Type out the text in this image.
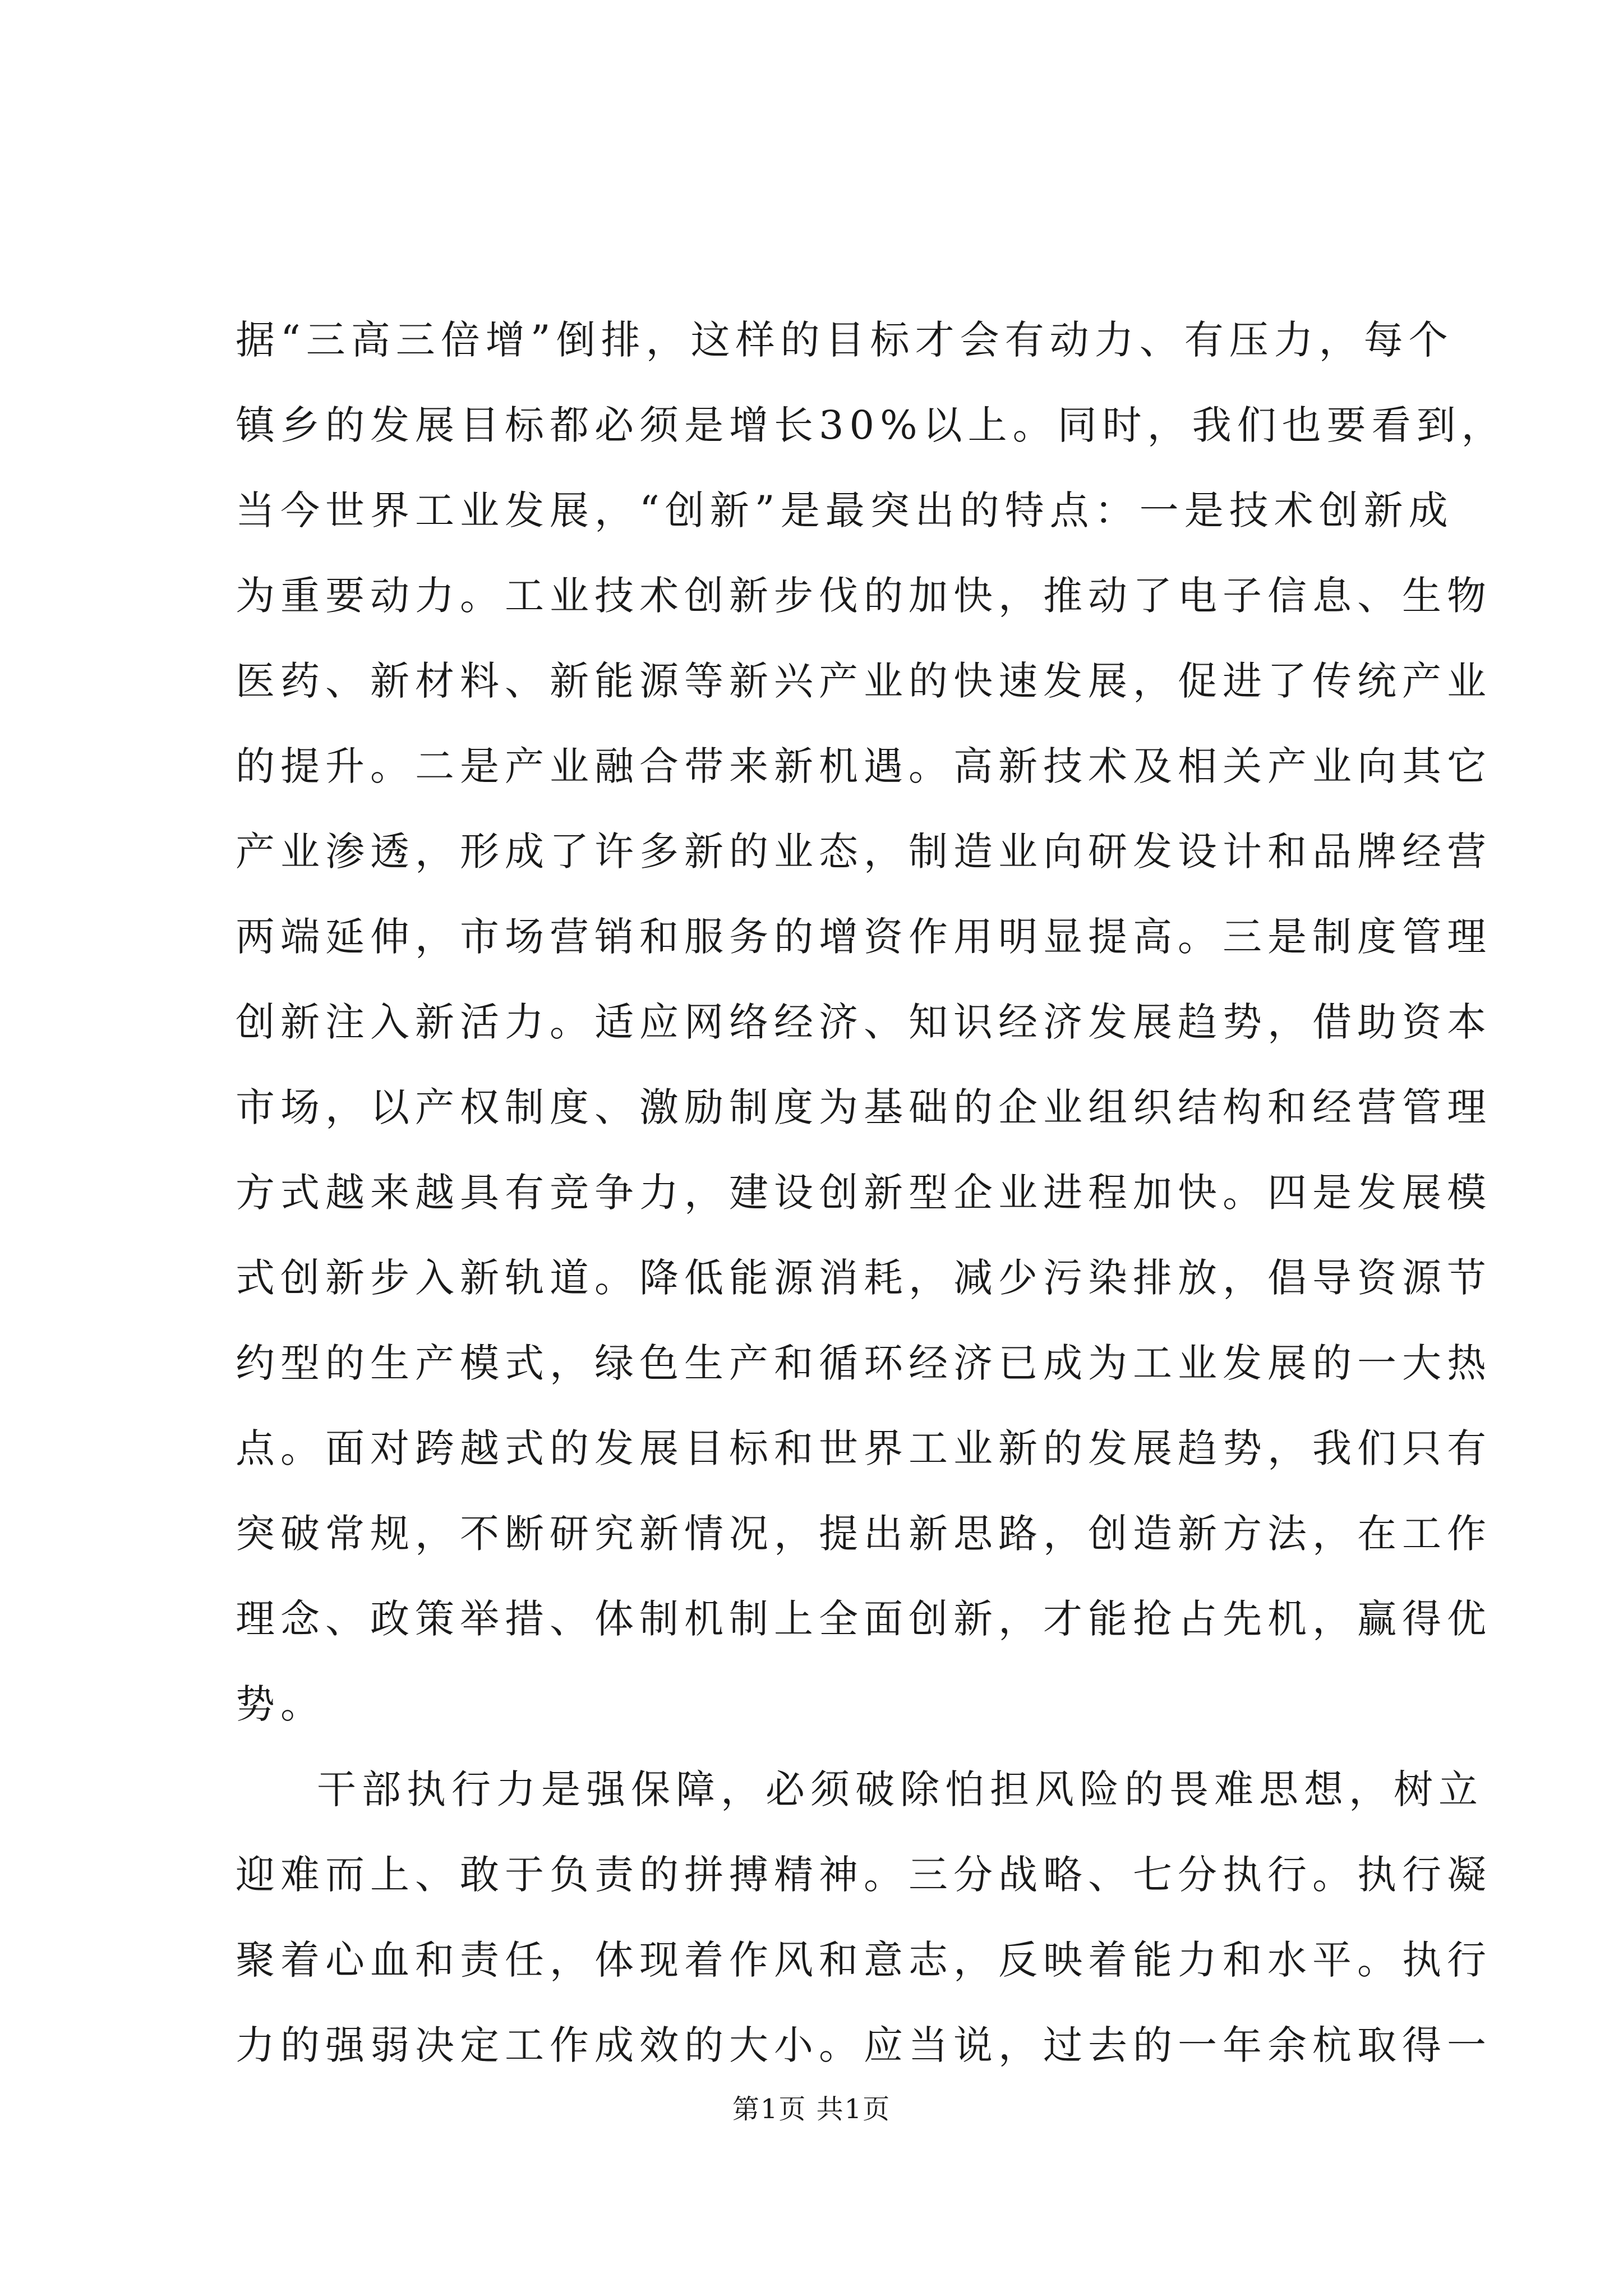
据“三高三倍增”倒排，这样的目标才会有动力、有压力，每个
镇乡的发展目标都必须是增长30%以上。同时，我们也要看到，
当今世界工业发展，“创新”是最突出的特点：一是技术创新成
为重要动力。工业技术创新步伐的加快，推动了电子信息、生物
医药、新材料、新能源等新兴产业的快速发展，促进了传统产业
的提升。二是产业融合带来新机遇。高新技术及相关产业向其它
产业渗透，形成了许多新的业态，制造业向研发设计和品牌经营
两端延伸，市场营销和服务的增资作用明显提高。三是制度管理
创新注入新活力。适应网络经济、知识经济发展趋势，借助资本
市场，以产权制度、激励制度为基础的企业组织结构和经营管理
方式越来越具有竞争力，建设创新型企业进程加快。四是发展模
式创新步入新轨道。降低能源消耗，减少污染排放，倡导资源节
约型的生产模式，绿色生产和循环经济已成为工业发展的一大热
点。面对跨越式的发展目标和世界工业新的发展趋势，我们只有
突破常规，不断研究新情况，提出新思路，创造新方法，在工作
理念、政策举措、体制机制上全面创新，才能抢占先机，赢得优
势。
干部执行力是强保障，必须破除怕担风险的畏难思想，树立
迎难而上、敢于负责的拼搏精神。三分战略、七分执行。执行凝
聚着心血和责任，体现着作风和意志，反映着能力和水平。执行
力的强弱决定工作成效的大小。应当说，过去的一年余杭取得一
第1页 共1页
